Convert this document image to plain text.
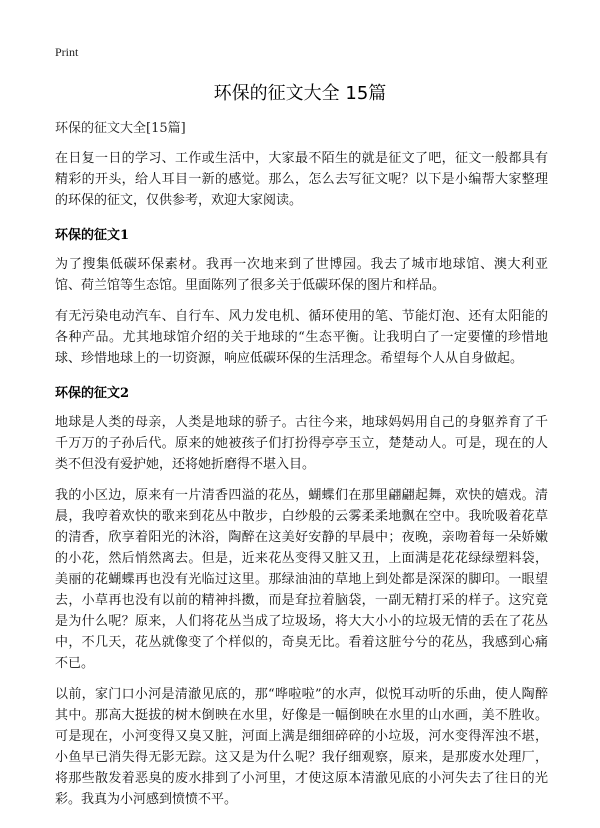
Print
环保的征文大全 15篇

环保的征文大全[15篇]

在日复一日的学习、工作或生活中，大家最不陌生的就是征文了吧，征文一般都具有精彩的开头，给人耳目一新的感觉。那么，怎么去写征文呢？以下是小编帮大家整理的环保的征文，仅供参考，欢迎大家阅读。

环保的征文1

为了搜集低碳环保素材。我再一次地来到了世博园。我去了城市地球馆、澳大利亚馆、荷兰馆等生态馆。里面陈列了很多关于低碳环保的图片和样品。

有无污染电动汽车、自行车、风力发电机、循环使用的笔、节能灯泡、还有太阳能的各种产品。尤其地球馆介绍的关于地球的“生态平衡。让我明白了一定要懂的珍惜地球、珍惜地球上的一切资源，响应低碳环保的生活理念。希望每个人从自身做起。

环保的征文2

地球是人类的母亲，人类是地球的骄子。古往今来，地球妈妈用自己的身躯养育了千千万万的子孙后代。原来的她被孩子们打扮得亭亭玉立，楚楚动人。可是，现在的人类不但没有爱护她，还将她折磨得不堪入目。

我的小区边，原来有一片清香四溢的花丛，蝴蝶们在那里翩翩起舞，欢快的嬉戏。清晨，我哼着欢快的歌来到花丛中散步，白纱般的云雾柔柔地飘在空中。我吮吸着花草的清香，欣享着阳光的沐浴，陶醉在这美好安静的早晨中；夜晚，亲吻着每一朵娇嫩的小花，然后悄然离去。但是，近来花丛变得又脏又丑，上面满是花花绿绿塑料袋，美丽的花蝴蝶再也没有光临过这里。那绿油油的草地上到处都是深深的脚印。一眼望去，小草再也没有以前的精神抖擞，而是耷拉着脑袋，一副无精打采的样子。这究竟是为什么呢？原来，人们将花丛当成了垃圾场，将大大小小的垃圾无情的丢在了花丛中，不几天，花丛就像变了个样似的，奇臭无比。看着这脏兮兮的花丛，我感到心痛不已。

以前，家门口小河是清澈见底的，那“哗啦啦”的水声，似悦耳动听的乐曲，使人陶醉其中。那高大挺拔的树木倒映在水里，好像是一幅倒映在水里的山水画，美不胜收。可是现在，小河变得又臭又脏，河面上满是细细碎碎的小垃圾，河水变得浑浊不堪，小鱼早已消失得无影无踪。这又是为什么呢？我仔细观察，原来，是那废水处理厂，将那些散发着恶臭的废水排到了小河里，才使这原本清澈见底的小河失去了往日的光彩。我真为小河感到愤愤不平。
